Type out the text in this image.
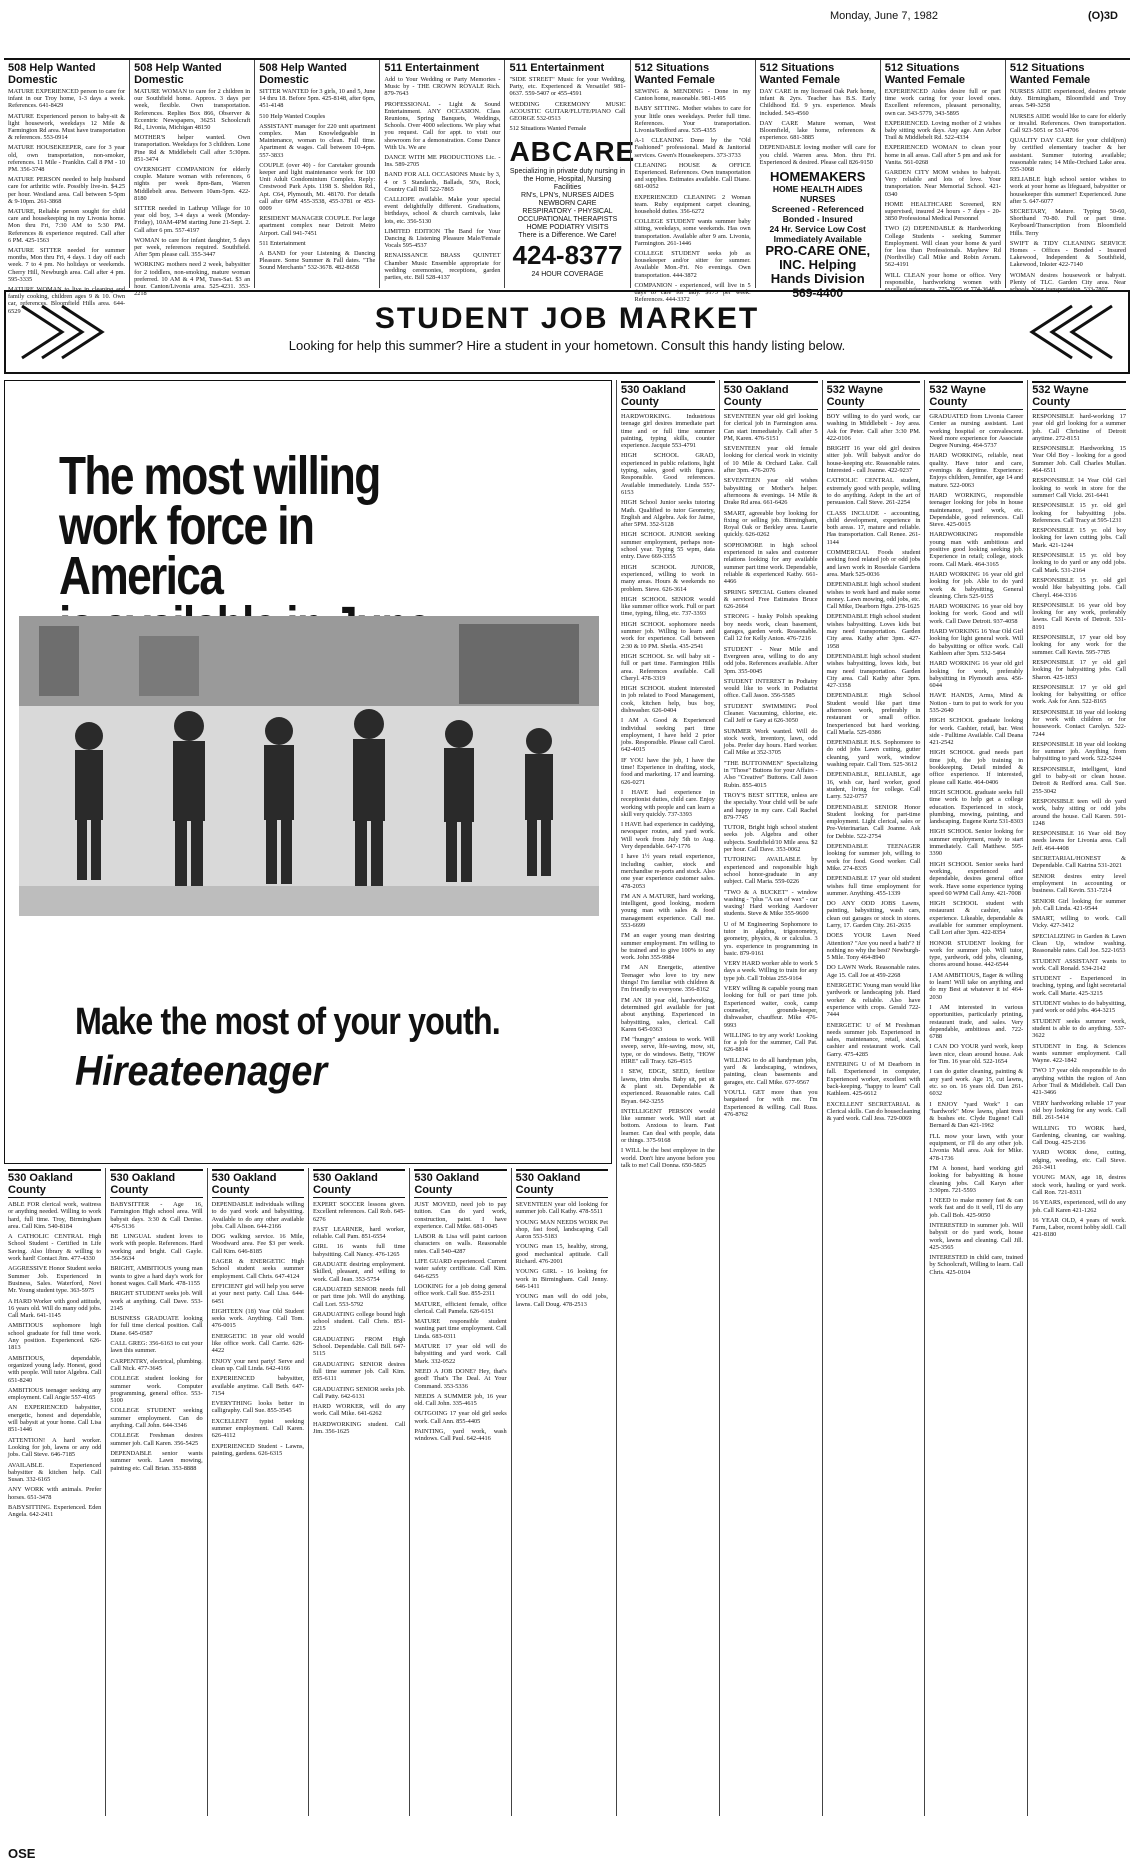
Monday, June 7, 1982	(O)3D
508 Help Wanted Domestic

MATURE EXPERIENCED person to care for infant in our Troy home, 1-3 days a week. References. 641-8429

MATURE Experienced person to baby-sit & light housework, weekdays 12 Mile & Farmington Rd area. Must have transportation & references. 553-0914

MATURE HOUSEKEEPER, care for 3 year old, own transportation, non-smoker, references. 11 Mile - Franklin. Call 8 PM - 10 PM. 356-3748

MATURE PERSON needed to help husband care for arthritic wife. Possibly live-in. $4.25 per hour. Westland area. Call between 5-5pm & 9-10pm. 261-3868

MATURE, Reliable person sought for child care and housekeeping in my Livonia home. Mon thru Fri, 7:30 AM to 5:30 PM. References & experience required. Call after 6 PM. 425-1563

MATURE SITTER needed for summer months, Mon thru Fri, 4 days. 1 day off each week. 7 to 4 pm. No holidays or weekends. Cherry Hill, Newburgh area. Call after 4 pm. 595-3335

MATURE WOMAN to live in cleaning and family cooking, children ages 9 & 10. Own car, references. Bloomfield Hills area. 644-6529

508 Help Wanted Domestic

MATURE WOMAN to care for 2 children in our Southfield home. Approx. 3 days per week, flexible. Own transportation. References. Replies Box 866, Observer & Eccentric Newspapers, 36251 Schoolcraft Rd., Livonia, Michigan 48150

MOTHER'S helper wanted. Own transportation. Weekdays for 3 children. Lone Pine Rd & Middlebelt Call after 5:30pm. 851-3474

OVERNIGHT COMPANION for elderly couple. Mature woman with references, 6 nights per week 8pm-8am, Warren Middlebelt area. Between 10am-5pm. 422-8180

SITTER needed in Lathrup Village for 10 year old boy, 3-4 days a week (Monday-Friday), 10AM-4PM starting June 21-Sept. 2. Call after 6 pm. 557-4197

WOMAN to care for infant daughter, 5 days per week, references required. Southfield. After 5pm please call. 355-3447

WORKING mothers need 2 week, babysitter for 2 toddlers, non-smoking, mature woman preferred. 10 AM & 4 PM, Tues-Sat. $3 an hour. Canton/Livonia area. 525-4231. 353-2218

508 Help Wanted Domestic

SITTER WANTED for 3 girls, 10 and 5, June 14 thru 18. Before 5pm. 425-8148, after 6pm, 451-4148

510 Help Wanted Couples

ASSISTANT manager for 220 unit apartment complex. Man Knowledgeable in Maintenance, woman to clean. Full time. Apartment & wages. Call between 10-4pm. 557-3833

COUPLE (over 40) - for Caretaker grounds keeper and light maintenance work for 100 Unit Adult Condominium Complex. Reply: Crestwood Park Apts. 1198 S. Sheldon Rd., Apt. C64, Plymouth, Mi. 48170. For details call after 6PM 455-3538, 455-3781 or 453-0009

RESIDENT MANAGER COUPLE. For large apartment complex near Detroit Metro Airport. Call 941-7451

511 Entertainment

A BAND for your Listening & Dancing Pleasure. Some Summer & Fall dates. "The Sound Merchants" 532-3678. 482-8658

511 Entertainment

Add to Your Wedding or Party Memories - Music by - THE CROWN ROYALE Rich. 879-7643

PROFESSIONAL - Light & Sound Entertainment. ANY OCCASION. Class Reunions, Spring Banquets, Weddings, Schools. Over 4000 selections. We play what you request. Call for appt. to visit our showroom for a demonstration. Come Dance With Us. We are

DANCE WITH ME PRODUCTIONS Lic. - Ins. 589-2705

BAND FOR ALL OCCASIONS Music by 3, 4 or 5 Standards, Ballads, 50's, Rock, Country Call Bill 522-7865

CALLIOPE available. Make your special event delightfully different. Graduations, birthdays, school & church carnivals, lake lots, etc. 356-5130

LIMITED EDITION The Band for Your Dancing & Listening Pleasure Male/Female Vocals 595-4537

RENAISSANCE BRASS QUINTET Chamber Music Ensemble appropriate for wedding ceremonies, receptions, garden parties, etc. Bill 528-4137

511 Entertainment

"SIDE STREET" Music for your Wedding, Party, etc. Experienced & Versatile! 981-0637. 559-5407 or 455-4591

WEDDING CEREMONY MUSIC ACOUSTIC GUITAR/FLUTE/PIANO Call GEORGE 532-0513

512 Situations Wanted Female

ABCARE
Specializing in private duty nursing in the Home, Hospital, Nursing Facilities
RN's, LPN's, NURSES AIDES
NEWBORN CARE
RESPIRATORY - PHYSICAL
OCCUPATIONAL THERAPISTS
HOME PODIATRY VISITS
There is a Difference. We Care!
424-8377
24 HOUR COVERAGE
512 Situations Wanted Female

SEWING & MENDING - Done in my Canton home, reasonable. 981-1495

BABY SITTING. Mother wishes to care for your little ones weekdays. Prefer full time. References. Your transportation. Livonia/Redford area. 535-4355

A-1 CLEANING Done by the "Old Fashioned" professional. Maid & Janitorial services. Gwen's Housekeepers. 373-3733

CLEANING HOUSE & OFFICE Experienced. References. Own transportation and supplies. Estimates available. Call Diane. 681-0052

EXPERIENCED CLEANING 2 Woman team. Ruby equipment carpet cleaning, household duties. 356-6272

COLLEGE STUDENT wants summer baby sitting, weekdays, some weekends. Has own transportation. Available after 9 am. Livonia, Farmington. 261-1446

COLLEGE STUDENT seeks job as housekeeper and/or sitter for summer. Available Mon.-Fri. No evenings. Own transportation. 444-3872

COMPANION - experienced, will live in 5 days to care for lady. $175 per week. References. 444-3372

512 Situations Wanted Female

DAY CARE in my licensed Oak Park home, infant & 2yrs. Teacher has B.S. Early Childhood Ed. 9 yrs. experience. Meals included. 543-4560

DAY CARE Mature woman, West Bloomfield, lake home, references & experience. 681-3885

DEPENDABLE loving mother will care for you child. Warren area. Mon. thru Fri. Experienced & desired. Please call 826-9150

HOMEMAKERS
HOME HEALTH AIDES
NURSES
Screened - Referenced
Bonded - Insured
24 Hr. Service Low Cost
Immediately Available
PRO-CARE ONE, INC. Helping Hands Division
569-4400
512 Situations Wanted Female

EXPERIENCED Aides desire full or part time work caring for your loved ones. Excellent references, pleasant personality, own car. 343-5779, 343-5895

EXPERIENCED. Loving mother of 2 wishes baby sitting work days. Any age. Ann Arbor Trail & Middlebelt Rd. 522-4334

EXPERIENCED WOMAN to clean your home in all areas. Call after 5 pm and ask for Vanita. 561-0268

GARDEN CITY MOM wishes to babysit. Very reliable and lots of love. Your transportation. Near Memorial School. 421-0340

HOME HEALTHCARE Screened, RN supervised, insured 24 hours - 7 days - 20-3850 Professional Medical Personnel

TWO (2) DEPENDABLE & Hardworking College Students - seeking Summer Employment. Will clean your home & yard for less than Professionals. Mayhew Rd (Northville) Call Mike and Robin Avram. 562-4191

WILL CLEAN your home or office. Very responsible, hardworking women with excellent references. 775-7955 or 774-3648

512 Situations Wanted Female

NURSES AIDE experienced, desires private duty. Birmingham, Bloomfield and Troy areas. 549-3258

NURSES AIDE would like to care for elderly or invalid. References. Own transportation. Call 923-5051 or 531-4706

QUALITY DAY CARE for your child(ren) by certified elementary teacher & her assistant. Summer tutoring available; reasonable rates; 14 Mile-Orchard Lake area. 555-3068

RELIABLE high school senior wishes to work at your home as lifeguard, babysitter or housekeeper this summer! Experienced. June after 5. 647-6077

SECRETARY, Mature. Typing 50-60, Shorthand 70-80. Full or part time. Keyboard/Transcription from Bloomfield Hills. Terry

SWIFT & TIDY CLEANING SERVICE Homes - Offices - Bonded - Insured Lakewood, Independent & Southfield, Lakewood, Inkster 422-7140

WOMAN desires housework or babysit. Plenty of TLC. Garden City area. Near schools. Your transportation. 533-7807

STUDENT JOB MARKET
Looking for help this summer? Hire a student in your hometown. Consult this handy listing below.
The most willing
work force in America
Make the most of your youth.
Hireateenager
530 Oakland County

HARDWORKING. Industrious teenage girl desires immediate part time and or full time summer painting, typing skills, counter experience. Jacquie 553-4791

HIGH SCHOOL GRAD, experienced in public relations, light typing, sales, good with figures. Responsible. Good references. Available immediately. Linda 557-6153

HIGH School Junior seeks tutoring Math. Qualified to tutor Geometry, English and Algebra. Ask for Jaime, after 5PM. 352-5128

HIGH SCHOOL JUNIOR seeking summer employment, perhaps non-school year. Typing 55 wpm, data entry. Dave 669-3355

HIGH SCHOOL JUNIOR, experienced, willing to work in many areas. Hours & weekends no problem. Steve. 626-3614

HIGH SCHOOL SENIOR would like summer office work. Full or part time, typing, filing, etc. 737-3393

HIGH SCHOOL sophomore needs summer job. Willing to learn and work for experience. Call between 2:30 & 10 PM. Sheila. 435-2541

HIGH SCHOOL Sr. will baby sit - full or part time. Farmington Hills area. References available. Call Cheryl. 478-3319

HIGH SCHOOL student interested in job related to Food Management, cook, kitchen help, bus boy, dishwasher. 626-0404

I AM A Good & Experienced individual seeking part time employment, I have held 2 prior jobs. Responsible. Please call Carol. 642-4015

IF YOU have the job, I have the time! Experience in drafting, stock, food and marketing. 17 and learning. 626-0271

I HAVE had experience in receptionist duties, child care. Enjoy working with people and can learn a skill very quickly. 737-3393

I HAVE had experience in caddying, newspaper routes, and yard work. Will work from July 5th to Aug. Very dependable. 647-1776

I have 1½ years retail experience, including cashier, stock and merchandise re-ports and stock. Also one year experience customer sales. 478-2053

I'M AN A MATURE, hard working, intelligent, good looking, modern young man with sales & food management experience. Call me. 553-6699

I'M an eager young man desiring summer employment. I'm willing to be trained and to give 100% to any work. John 355-9984

I'M AN Energetic, attentive Teenager who love to try new things! I'm familiar with children & I'm friendly to everyone. 356-8162

I'M AN 18 year old, hardworking, determined girl available for just about anything. Experienced in babysitting, sales, clerical. Call Karen 645-0363

I'M "hungry" anxious to work. Will sweep, serve, life-saving, mow, sit, type, or do windows. Betty, "HOW HIRE" call Tracy. 626-4515

I SEW, EDGE, SEED, fertilize lawns, trim shrubs. Baby sit, pet sit & plant sit. Dependable & experienced. Reasonable rates. Call Bryan. 642-3255

INTELLIGENT PERSON would like summer work. Will start at bottom. Anxious to learn. Fast learner. Can deal with people, data or things. 375-9168

I WILL be the best employee in the world. Don't hire anyone before you talk to me! Call Donna. 650-5825

530 Oakland County

SEVENTEEN year old girl looking for clerical job in Farmington area. Can start immediately. Call after 5 PM, Karen. 476-5151

SEVENTEEN year old female looking for clerical work in vicinity of 10 Mile & Orchard Lake. Call after 3pm. 476-2076

SEVENTEEN year old wishes babysitting or Mother's helper. afternoons & evenings. 14 Mile & Drake Rd area. 661-6426

SMART, agreeable boy looking for fixing or selling job. Birmingham, Royal Oak or Berkley area. Laurie quickly. 626-0262

SOPHOMORE in high school experienced in sales and customer relations looking for any available summer part time work. Dependable, reliable & experienced Kathy. 661-4466

SPRING SPECIAL Gutters cleaned & serviced Free Estimates Bruce 626-2664

STRONG - husky Polish speaking boy needs work, clean basement, garages, garden work. Reasonable. Call 12 for Kelly Anton. 476-7216

STUDENT - Near Mile and Evergreen area, willing to do any odd jobs. References available. After 3pm. 355-0045

STUDENT INTEREST in Podiatry would like to work in Podiatrist office. Call Jason. 356-5585

STUDENT SWIMMING Pool Cleaner. Vacuuming, chlorine, etc. Call Jeff or Gary at 626-3050

SUMMER Work wanted. Will do stock work, inventory, lawn, odd jobs. Prefer day hours. Hard worker. Call Mike at 352-3705

"THE BUTTONMEN" Specializing in "Those" Buttons for your Affairs - Also "Creative" Buttons. Call Jason Rubin. 855-4015

TROY'S BEST SITTER, unless are the specialty. Your child will be safe and happy in my care. Call Rachel 879-7745

TUTOR, Bright high school student seeks job. Algebra and other subjects. Southfield/10 Mile area. $2 per hour. Call Dave. 353-0062

TUTORING AVAILABLE by experienced and responsible high school honor-graduate in any subject. Call Maria. 559-0226

"TWO & A BUCKET" - window washing - "plus "A can of wax" - car waxing! Hard working Aardover students. Steve & Mike 355-9600

U of M Engineering Sophomore to tutor in algebra, trigonometry, geometry, physics, & or calculus. 3 yrs. experience in programming in basic. 879-9161

VERY HARD worker able to work 5 days a week. Willing to train for any type job. Call Tobias 255-9164

VERY willing & capable young man looking for full or part time job. Experienced waiter, cook, camp counselor, grounds-keeper, dishwasher, chauffeur. Mike 476-9993

WILLING to try any work! Looking for a job for the summer, Call Pat. 626-8814

WILLING to do all handyman jobs, yard & landscaping, windows, painting, clean basements and garages, etc. Call Mike. 677-9567

YOU'LL GET more than you bargained for with me. I'm Experienced & willing. Call Russ. 476-8762

532 Wayne County

BOY willing to do yard work, car washing in Middlebelt - Joy area. Ask for Peter. Call after 3:30 PM. 422-0106

BRIGHT 16 year old girl desires sitter job. Will babysit and/or do house-keeping etc. Reasonable rates. Interested - call Joanne. 422-9237

CATHOLIC CENTRAL student, extremely good with people, willing to do anything. Adept in the art of persuasion. Call Steve. 261-2254

CLASS INCLUDE - accounting, child development, experience in both areas. 17, mature and reliable. Has transportation. Call Renee. 261-1144

COMMERCIAL Foods student seeking food related job or odd jobs and lawn work in Rosedale Gardens area. Mark 525-0036

DEPENDABLE high school student wishes to work hard and make some money. Lawn mowing, odd jobs, etc. Call Mike, Dearborn Hgts. 278-1625

DEPENDABLE High school student wishes babysitting. Loves kids but may need transportation. Garden City area. Kathy after 3pm. 427-1958

DEPENDABLE high school student wishes babysitting, loves kids, but may need transportation. Garden City area. Call Kathy after 3pm. 427-3358

DEPENDABLE High School Student would like part time afternoon work, preferably in restaurant or small office. Inexperienced but hard working. Call Marla. 525-0386

DEPENDABLE H.S. Sophomore to do odd jobs Lawn cutting, gutter cleaning, yard work, window washing repair. Call Tom. 525-3612

DEPENDABLE, RELIABLE, age 16, wish car, hard worker, good student, living for college. Call Larry. 522-0757

DEPENDABLE SENIOR Honor Student looking for part-time employment. Light clerical, sales or Pre-Veterinarian. Call Joanne. Ask for Debbie. 522-2754

DEPENDABLE TEENAGER looking for summer job, willing to work for food. Good worker. Call Mike. 274-8335

DEPENDABLE 17 year old student wishes full time employment for summer. Anything. 455-1339

DO ANY ODD JOBS Lawns, painting, babysitting, wash cars, clean out garages or stock in stores. Larry, 17. Garden City. 261-2635

DOES YOUR Lawn Need Attention? "Are you need a bath"? If nothing no why the best? Newburgh-5 Mile. Tony 464-8940

DO LAWN Work. Reasonable rates. Age 15. Call Joe at 459-2268

ENERGETIC Young man would like yardwork or landscaping job. Hard worker & reliable. Also have experience with crops. Gerald 722-7444

ENERGETIC U of M Freshman needs summer job. Experienced in sales, maintenance, retail, stock, cashier and restaurant work. Call Garry. 475-4285

ENTERING U of M Dearborn in fall. Experienced in computer, Experienced worker, excellent with back-keeping. "happy to learn" Call Kathleen. 425-6612

EXCELLENT SECRETARIAL & Clerical skills. Can do housecleaning & yard work. Call Jess. 729-0069

532 Wayne County

GRADUATED from Livonia Career Center as nursing assistant. Last working hospital or convalescent. Need more experience for Associate Degree Nursing. 464-5737

HARD WORKING, reliable, neat quality. Have tutor and care, evenings & daytime. Experience: Enjoys children, Jennifer, age 14 and mature. 522-0063

HARD WORKING, responsible teenager looking for jobs in house maintenance, yard work, etc. Dependable, good references. Call Steve. 425-0015

HARDWORKING responsible young man with ambitious and positive good looking seeking job. Experience in retail; college, stock room. Call Mark. 464-3165

HARD WORKING 16 year old girl looking for job. Able to do yard work & babysitting, General cleaning. Chris 525-9155

HARD WORKING 16 year old boy looking for work. Good and will work. Call Dave Detroit. 937-4058

HARD WORKING 16 Year Old Girl looking for light general work. Will do babysitting or office work. Call Kathleen after 3pm. 532-5464

HARD WORKING 16 year old girl looking for work, preferably babysitting in Plymouth area. 456-6044

HAVE HANDS, Arms, Mind & Notion - turn to put to work for you 535-2640

HIGH SCHOOL graduate looking for work. Cashier, retail, bar. West side - Fulltime Available. Call Deana 421-2542

HIGH SCHOOL grad needs part time job, the job training in bookkeeping. Detail minded & office experience. If interested, please call Katie. 464-0406

HIGH SCHOOL graduate seeks full time work to help get a college education. Experienced in stock, plumbing, mowing, painting, and landscaping. Eugene Kurtz 531-8303

HIGH SCHOOL Senior looking for summer employment, ready to start immediately. Call Matthew. 595-3390

HIGH SCHOOL Senior seeks hard working, experienced and dependable, desires general office work. Have some experience typing speed 60 WPM Call Amy. 421-7008

HIGH SCHOOL student with restaurant & cashier, sales experience. Likeable, dependable & available for summer employment. Call Lori after 3pm. 422-8354

HONOR STUDENT looking for work for summer job. Will tutor, type, yardwork, odd jobs, cleaning, chores around house. 442-6544

I AM AMBITIOUS, Eager & willing to learn! Will take on anything and do my Best at whatever it is! 464-2030

I AM interested in various opportunities, particularly printing, restaurant trade, and sales. Very dependable, ambitious and. 722-6788

I CAN DO YOUR yard work, keep lawn nice, clean around house. Ask for Tim. 16 year old. 522-1654

I can do gutter cleaning, painting & any yard work. Age 15, cut lawns, etc. so on. 16 years old. Dan 261-6032

I ENJOY "yard Work" I can "hardwork" Mow lawns, plant trees & bushes etc. Clyde Eugene! Call Bernard & Dan 421-1962

I'LL mow your lawn, with your equipment, or I'll do any other job. Livonia Mall area. Ask for Mike. 478-1736

I'M A honest, hard working girl looking for babysitting & house cleaning jobs. Call Karyn after 3:30pm. 721-5593

I NEED to make money fast & can work fast and do it well, I'll do any job. Call Bob. 425-9050

INTERESTED in summer job. Will babysit or do yard work, house work, lawns and cleaning. Call Jill. 425-3565

INTERESTED in child care, trained by Schoolcraft, Willing to learn. Call Chris. 425-0104

532 Wayne County

RESPONSIBLE hard-working 17 year old girl looking for a summer job. Call Christine of Detroit anytime. 272-8151

RESPONSIBLE Hardworking 15 Year Old Boy - looking for a good Summer Job. Call Charles Mullan. 464-6511

RESPONSIBLE 14 Year Old Girl looking to work in store for the summer! Call Vicki. 261-6441

RESPONSIBLE 15 yr. old girl looking for babysitting jobs. References. Call Tracy at 595-1231

RESPONSIBLE 15 yr. old boy looking for lawn cutting jobs. Call Mark. 421-1244

RESPONSIBLE 15 yr. old boy looking to do yard or any odd jobs. Call Mark. 531-2164

RESPONSIBLE 15 yr. old girl would like babysitting jobs. Call Cheryl. 464-3316

RESPONSIBLE 16 year old boy looking for any work, preferably lawns. Call Kevin of Detroit. 531-8191

RESPONSIBLE, 17 year old boy looking for any work for the summer. Call Kevin. 595-7785

RESPONSIBLE 17 yr old girl looking for babysitting jobs. Call Sharon. 425-1853

RESPONSIBLE 17 yr old girl looking for babysitting or office work. Ask for Ann. 522-8165

RESPONSIBLE 18 year old looking for work with children or for housework. Contact Carolyn. 522-7244

RESPONSIBLE 18 year old looking for summer job. Anything from babysitting to yard work. 522-5244

RESPONSIBLE, intelligent, kind girl to baby-sit or clean house. Detroit & Redford area. Call Sue. 255-3042

RESPONSIBLE teen will do yard work, baby sitting or odd jobs around the house. Call Karen. 591-1248

RESPONSIBLE 16 Year old Boy needs lawns for Livonia area. Call Jeff. 464-4408

SECRETARIAL/HONEST & Dependable. Call Katrina 531-2021

SENIOR desires entry level employment in accounting or business. Call Kevin. 531-7214

SENIOR Girl looking for summer job. Call Linda. 421-9544

SMART, willing to work. Call Vicky. 427-3412

SPECIALIZING in Garden & Lawn Clean Up, window washing. Reasonable rates. Call Joe. 522-1653

STUDENT ASSISTANT wants to work. Call Ronald. 534-2142

STUDENT - Experienced in teaching, typing, and light secretarial work. Call Marie. 425-3215

STUDENT wishes to do babysitting, yard work or odd jobs. 464-3215

STUDENT seeks summer work, student is able to do anything. 537-3622

STUDENT in Eng. & Sciences wants summer employment. Call Wayne. 422-1842

TWO 17 year olds responsible to do anything within the region of Ann Arbor Trail & Middlebelt. Call Dan 421-3466

VERY hardworking reliable 17 year old boy looking for any work. Call Bill. 261-5414

WILLING TO WORK hard, Gardening, cleaning, car washing. Call Doug. 425-2136

YARD WORK done, cutting, edging, weeding, etc. Call Steve. 261-3411

YOUNG MAN, age 18, desires stock work, hauling or yard work. Call Ron. 721-8311

16 YEARS, experienced, will do any job. Call Karen 421-1262

16 YEAR OLD, 4 years of work. Farm, Labor, recent hobby skill. Call 421-8180

530 Oakland County

ABLE FOR clerical work, waitress or anything needed. Willing to work hard, full time. Troy, Birmingham area. Call Kim. 540-8184

A CATHOLIC CENTRAL High School Student - Certified in Life Saving. Also library & willing to work hard! Contact Jim. 477-4330

AGGRESSIVE Honor Student seeks Summer Job. Experienced in Business, Sales. Waterford, Novi Mr. Young student type. 363-5975

A HARD Worker with good attitude, 16 years old. Will do many odd jobs. Call Mark. 641-1145

AMBITIOUS sophomore high school graduate for full time work. Any position. Experienced. 626-1813

AMBITIOUS, dependable, organized young lady. Honest, good with people. Will tutor Algebra. Call 651-8240

AMBITIOUS teenager seeking any employment. Call Angie 557-4165

AN EXPERIENCED babysitter, energetic, honest and dependable, will babysit at your home. Call Lisa 851-1446

ATTENTION! A hard worker. Looking for job, lawns or any odd jobs. Call Steve. 646-7185

AVAILABLE. Experienced babysitter & kitchen help. Call Susan. 332-6165

ANY WORK with animals. Prefer horses. 651-3478

BABYSITTING. Experienced. Eden Angela. 642-2411

530 Oakland County

BABYSITTER - Age 16, Farmington High school area. Will babysit days. 3:30 & Call Denise. 476-5136

BE LINGUAL student loves to work with people. References. Hard working and bright. Call Gayle. 354-5634

BRIGHT, AMBITIOUS young man wants to give a hard day's work for honest wages. Call Mark. 478-1155

BRIGHT STUDENT seeks job. Will work at anything. Call Dave. 553-2145

BUSINESS GRADUATE looking for full time clerical position. Call Diane. 645-0587

CALL GREG: 356-6163 to cut your lawn this summer.

CARPENTRY, electrical, plumbing. Call Nick. 477-3645

COLLEGE student looking for summer work. Computer programming, general office. 553-5100

COLLEGE STUDENT seeking summer employment. Can do anything. Call John. 644-3346

COLLEGE Freshman desires summer job. Call Karen. 356-5425

DEPENDABLE senior wants summer work. Lawn mowing, painting etc. Call Brian. 353-8888

530 Oakland County

DEPENDABLE individuals willing to do yard work and babysitting. Available to do any other available jobs. Call Alison. 644-2166

DOG walking service. 16 Mile, Woodward area. Fee $3 per week. Call Kim. 646-8185

EAGER & ENERGETIC High School student seeks summer employment. Call Chris. 647-4124

EFFICIENT girl will help you serve at your next party. Call Lisa. 644-6451

EIGHTEEN (18) Year Old Student seeks work. Anything. Call Tom. 476-0015

ENERGETIC 18 year old would like office work. Call Carrie. 626-4422

ENJOY your next party! Serve and clean up. Call Linda. 642-4166

EXPERIENCED babysitter, available anytime. Call Beth. 647-7154

EVERYTHING looks better in calligraphy. Call Sue. 855-3545

EXCELLENT typist seeking summer employment. Call Karen. 626-4112

EXPERIENCED Student - Lawns, painting, gardens. 626-6315

530 Oakland County

EXPERT SOCCER lessons given. Excellent references. Call Rob. 645-6276

FAST LEARNER, hard worker, reliable. Call Pam. 851-6554

GIRL 16 wants full time babysitting. Call Nancy. 476-1265

GRADUATE desiring employment. Skilled, pleasant, and willing to work. Call Jean. 353-5754

GRADUATED SENIOR needs full or part time job. Will do anything. Call Lori. 553-5792

GRADUATING college bound high school student. Call Chris. 851-2215

GRADUATING FROM High School. Dependable. Call Bill. 647-5115

GRADUATING SENIOR desires full time summer job. Call Kim. 855-6111

GRADUATING SENIOR seeks job. Call Patty. 642-6131

HARD WORKER, will do any work. Call Mike. 641-6262

HARDWORKING student. Call Jim. 356-1625

530 Oakland County

JUST MOVED, need job to pay tuition. Can do yard work, construction, paint. I have experience. Call Mike. 681-0045

LABOR & Lisa will paint cartoon characters on walls. Reasonable rates. Call 540-4287

LIFE GUARD experienced. Current water safety certificate. Call Kim. 646-6255

LOOKING for a job doing general office work. Call Sue. 855-2311

MATURE, efficient female, office clerical. Call Pamela. 626-6151

MATURE responsible student wanting part time employment. Call Linda. 683-0311

MATURE 17 year old will do babysitting and yard work. Call Mark. 332-0522

NEED A JOB DONE? Hey, that's good! That's The Deal. At Your Command. 353-5336

NEEDS A SUMMER job, 16 year old. Call John. 335-4615

OUTGOING 17 year old girl seeks work. Call Ann. 855-4405

PAINTING, yard work, wash windows. Call Paul. 642-4416

530 Oakland County

SEVENTEEN year old looking for summer job. Call Kathy. 478-5511

YOUNG MAN NEEDS WORK Pet shop, fast food, landscaping Call Aaron 553-5183

YOUNG man 15, healthy, strong, good mechanical aptitude. Call Richard. 476-2001

YOUNG GIRL - 16 looking for work in Birmingham. Call Jenny. 646-1411

YOUNG man will do odd jobs, lawns. Call Doug. 478-2513

OSE
